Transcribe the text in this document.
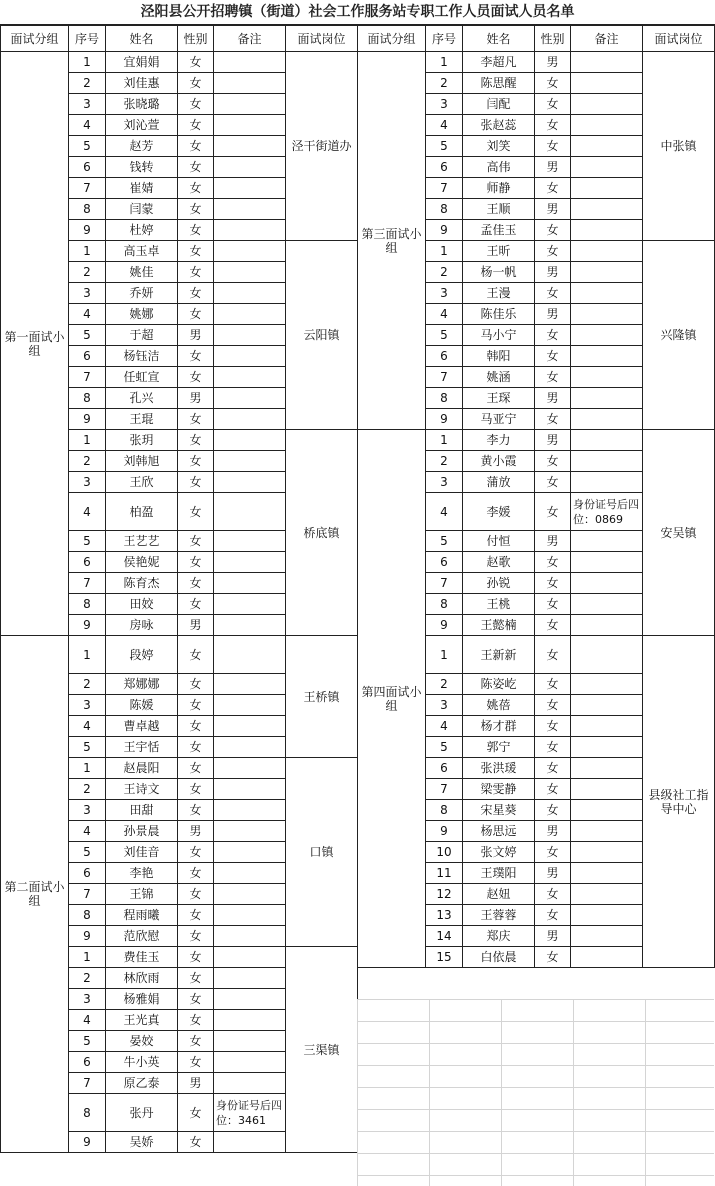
泾阳县公开招聘镇（街道）社会工作服务站专职工作人员面试人员名单
面试分组	序号	姓名	性别	备注	面试岗位
第一面试小组	1	宜娟娟	女		泾干街道办
	2	刘佳惠	女		
	3	张晓璐	女		
	4	刘沁萱	女		
	5	赵芳	女		
	6	钱转	女		
	7	崔婧	女		
	8	闫蒙	女		
	9	杜婷	女		
	1	高玉卓	女		云阳镇
	2	姚佳	女		
	3	乔妍	女		
	4	姚娜	女		
	5	于超	男		
	6	杨钰洁	女		
	7	任虹宣	女		
	8	孔兴	男		
	9	王琨	女		
	1	张玥	女		桥底镇
	2	刘韩旭	女		
	3	王欣	女		
	4	柏盈	女		
	5	王艺艺	女		
	6	侯艳妮	女		
	7	陈育杰	女		
	8	田姣	女		
	9	房咏	男		
第二面试小组	1	段婷	女		王桥镇
	2	郑娜娜	女		
	3	陈媛	女		
	4	曹卓越	女		
	5	王宇恬	女		
	1	赵晨阳	女		口镇
	2	王诗文	女		
	3	田甜	女		
	4	孙景晨	男		
	5	刘佳音	女		
	6	李艳	女		
	7	王锦	女		
	8	程雨曦	女		
	9	范欣慰	女		
	1	费佳玉	女		三渠镇
	2	林欣雨	女		
	3	杨雅娟	女		
	4	王光真	女		
	5	晏姣	女		
	6	牛小英	女		
	7	原乙泰	男		
	8	张丹	女	身份证号后四位：3461	
	9	吴娇	女		
面试分组	序号	姓名	性别	备注	面试岗位
第三面试小组	1	李超凡	男		中张镇
	2	陈思醒	女		
	3	闫配	女		
	4	张赵蕊	女		
	5	刘笑	女		
	6	高伟	男		
	7	师静	女		
	8	王顺	男		
	9	孟佳玉	女		
	1	王昕	女		兴隆镇
	2	杨一帆	男		
	3	王漫	女		
	4	陈佳乐	男		
	5	马小宁	女		
	6	韩阳	女		
	7	姚涵	女		
	8	王琛	男		
	9	马亚宁	女		
第四面试小组	1	李力	男		安吴镇
	2	黄小霞	女		
	3	蒲放	女		
	4	李媛	女	身份证号后四位：0869	
	5	付恒	男		
	6	赵歌	女		
	7	孙锐	女		
	8	王桃	女		
	9	王懿楠	女		
	1	王新新	女		县级社工指导中心
	2	陈姿屹	女		
	3	姚蓓	女		
	4	杨才群	女		
	5	郭宁	女		
	6	张洪瑗	女		
	7	梁雯静	女		
	8	宋星葵	女		
	9	杨思远	男		
	10	张文婷	女		
	11	王璞阳	男		
	12	赵妞	女		
	13	王蓉蓉	女		
	14	郑庆	男		
	15	白依晨	女		
